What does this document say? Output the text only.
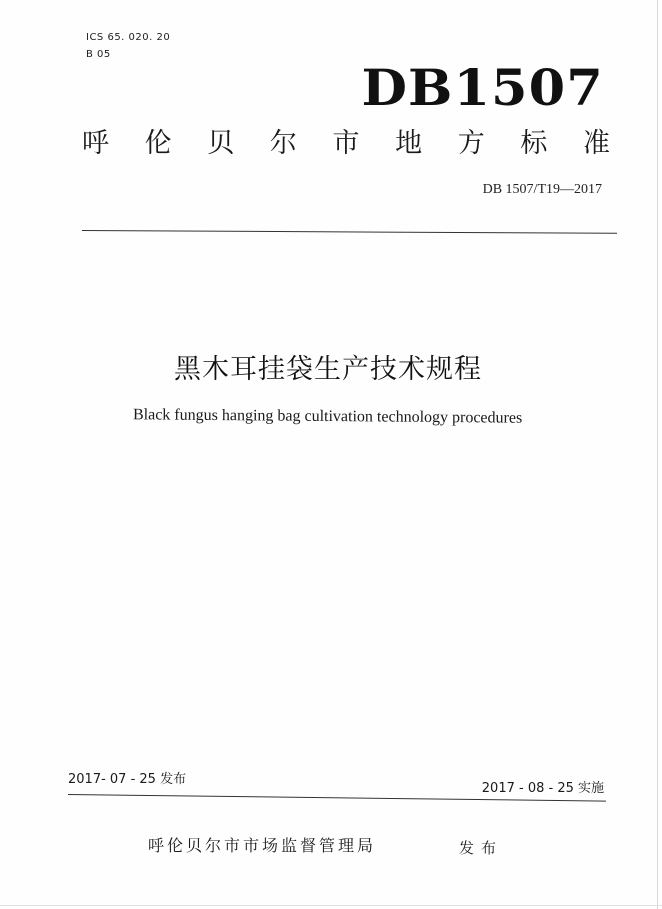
ICS 65. 020. 20
B 05
DB1507
呼 伦 贝 尔 市 地 方 标 准
DB 1507/T19—2017
黑木耳挂袋生产技术规程
Black fungus hanging bag cultivation technology procedures
2017- 07 - 25 发布
2017 - 08 - 25 实施
呼伦贝尔市市场监督管理局	发布
